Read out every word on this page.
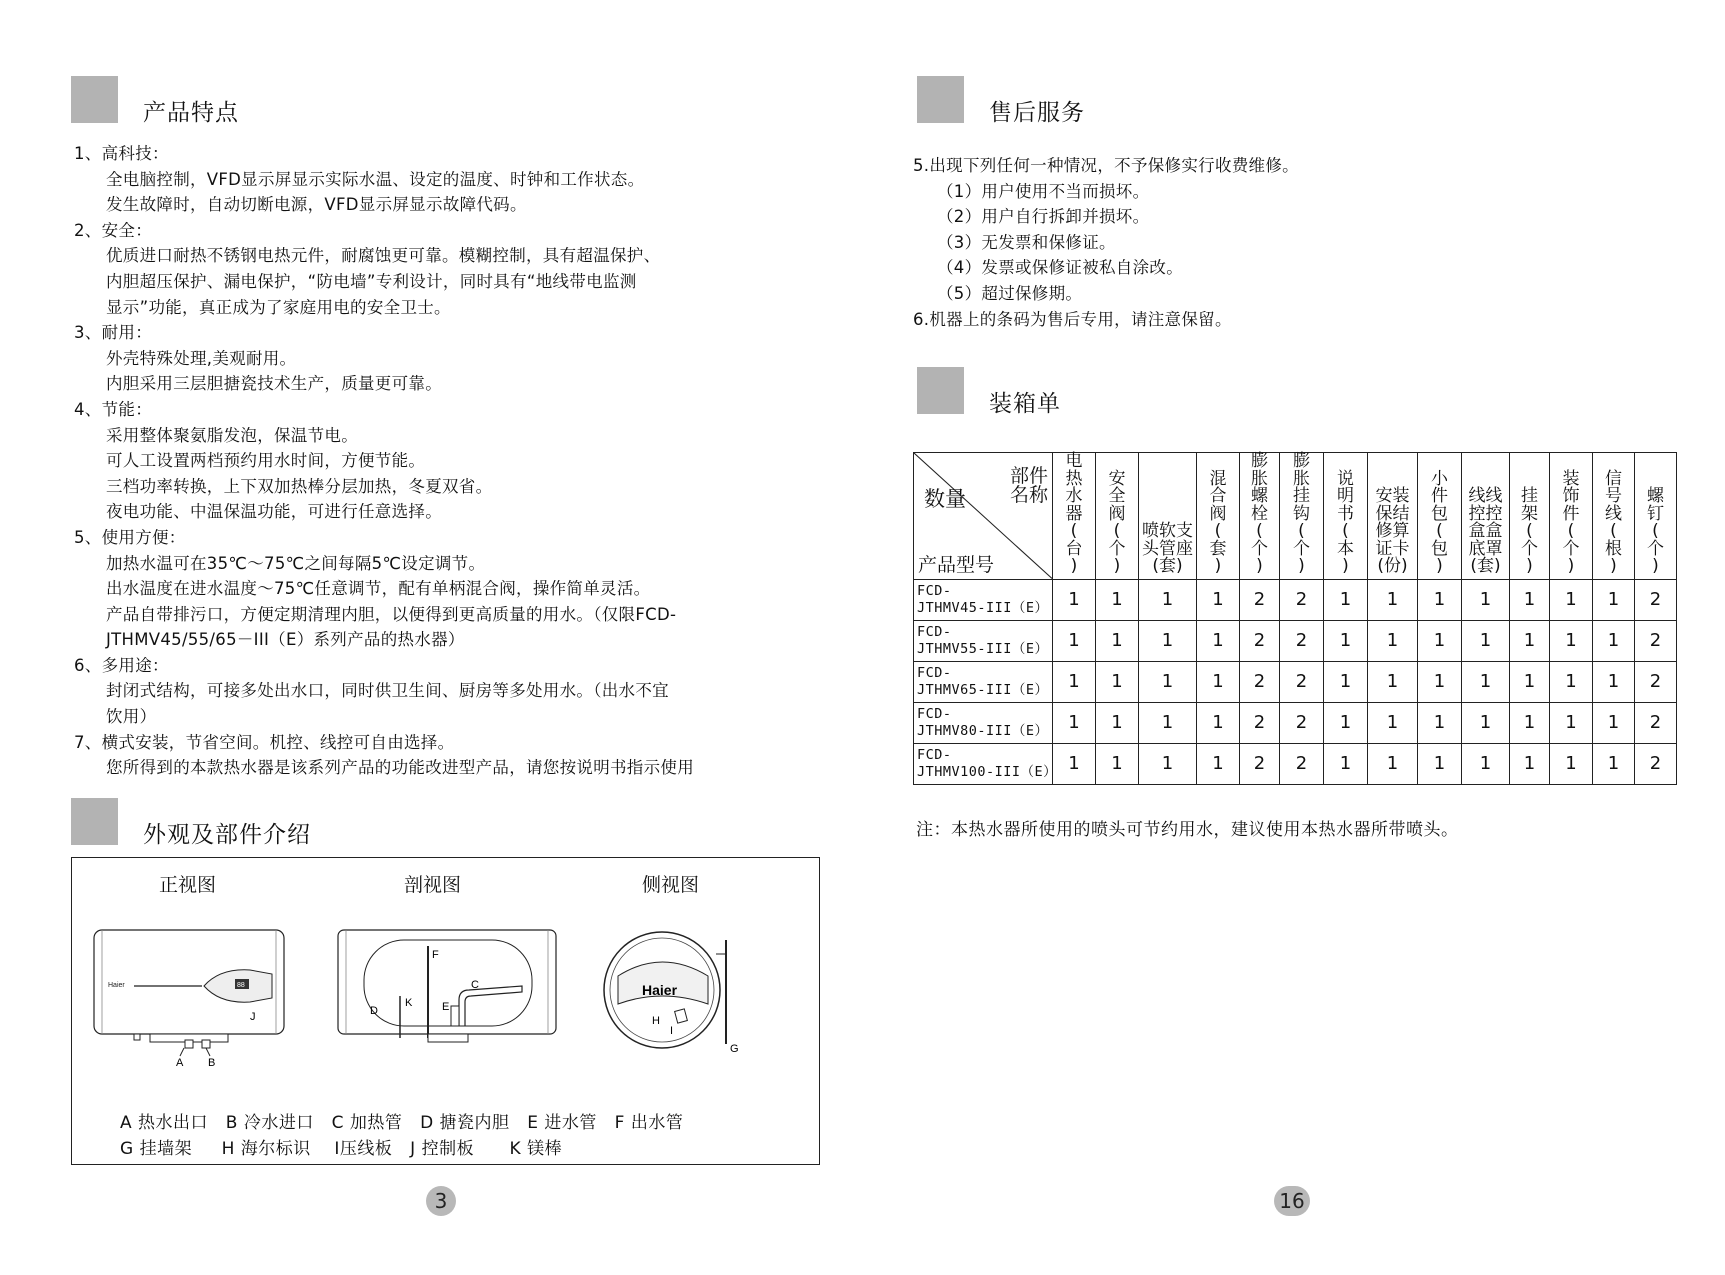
产品特点
1、高科技：
全电脑控制，VFD显示屏显示实际水温、设定的温度、时钟和工作状态。
发生故障时，自动切断电源，VFD显示屏显示故障代码。
2、安全：
优质进口耐热不锈钢电热元件，耐腐蚀更可靠。模糊控制，具有超温保护、
内胆超压保护、漏电保护，“防电墙”专利设计，同时具有“地线带电监测
显示”功能，真正成为了家庭用电的安全卫士。
3、耐用：
外壳特殊处理,美观耐用。
内胆采用三层胆搪瓷技术生产，质量更可靠。
4、节能：
采用整体聚氨脂发泡，保温节电。
可人工设置两档预约用水时间，方便节能。
三档功率转换，上下双加热棒分层加热，冬夏双省。
夜电功能、中温保温功能，可进行任意选择。
5、使用方便：
加热水温可在35℃～75℃之间每隔5℃设定调节。
出水温度在进水温度～75℃任意调节，配有单柄混合阀，操作简单灵活。
产品自带排污口，方便定期清理内胆，以便得到更高质量的用水。（仅限FCD-
JTHMV45/55/65－III（E）系列产品的热水器）
6、多用途：
封闭式结构，可接多处出水口，同时供卫生间、厨房等多处用水。（出水不宜
饮用）
7、横式安装，节省空间。机控、线控可自由选择。
您所得到的本款热水器是该系列产品的功能改进型产品，请您按说明书指示使用
外观及部件介绍
正视图	剖视图	侧视图
Haier	88
A B
J
F
C
D
K	E
Haier
H
I
G
A 热水出口 B 冷水进口 C 加热管 D 搪瓷内胆 E 进水管 F 出水管
G 挂墙架 H 海尔标识 I压线板 J 控制板 K 镁棒
3
售后服务
5.出现下列任何一种情况，不予保修实行收费维修。
（1）用户使用不当而损坏。
（2）用户自行拆卸并损坏。
（3）无发票和保修证。
（4）发票或保修证被私自涂改。
（5）超过保修期。
6.机器上的条码为售后专用，请注意保留。
装箱单
部件名称
数量
产品型号	电热水器(台)	安全阀(个)	喷软支头管座(套)	混合阀(套)	膨胀螺栓(个)	膨胀挂钩(个)	说明书(本)	安装保结修算证卡(份)	小件包(包)	线线控控盒盒底罩(套)	挂架(个)	装饰件(个)	信号线(根)	螺钉(个)

FCD-
JTHMV45-III（E）	1	1	1	1	2	2	1	1	1	1	1	1	1	2

FCD-
JTHMV55-III（E）	1	1	1	1	2	2	1	1	1	1	1	1	1	2

FCD-
JTHMV65-III（E）	1	1	1	1	2	2	1	1	1	1	1	1	1	2

FCD-
JTHMV80-III（E）	1	1	1	1	2	2	1	1	1	1	1	1	1	2

FCD-
JTHMV100-III（E）	1	1	1	1	2	2	1	1	1	1	1	1	1	2
注：本热水器所使用的喷头可节约用水，建议使用本热水器所带喷头。
16
